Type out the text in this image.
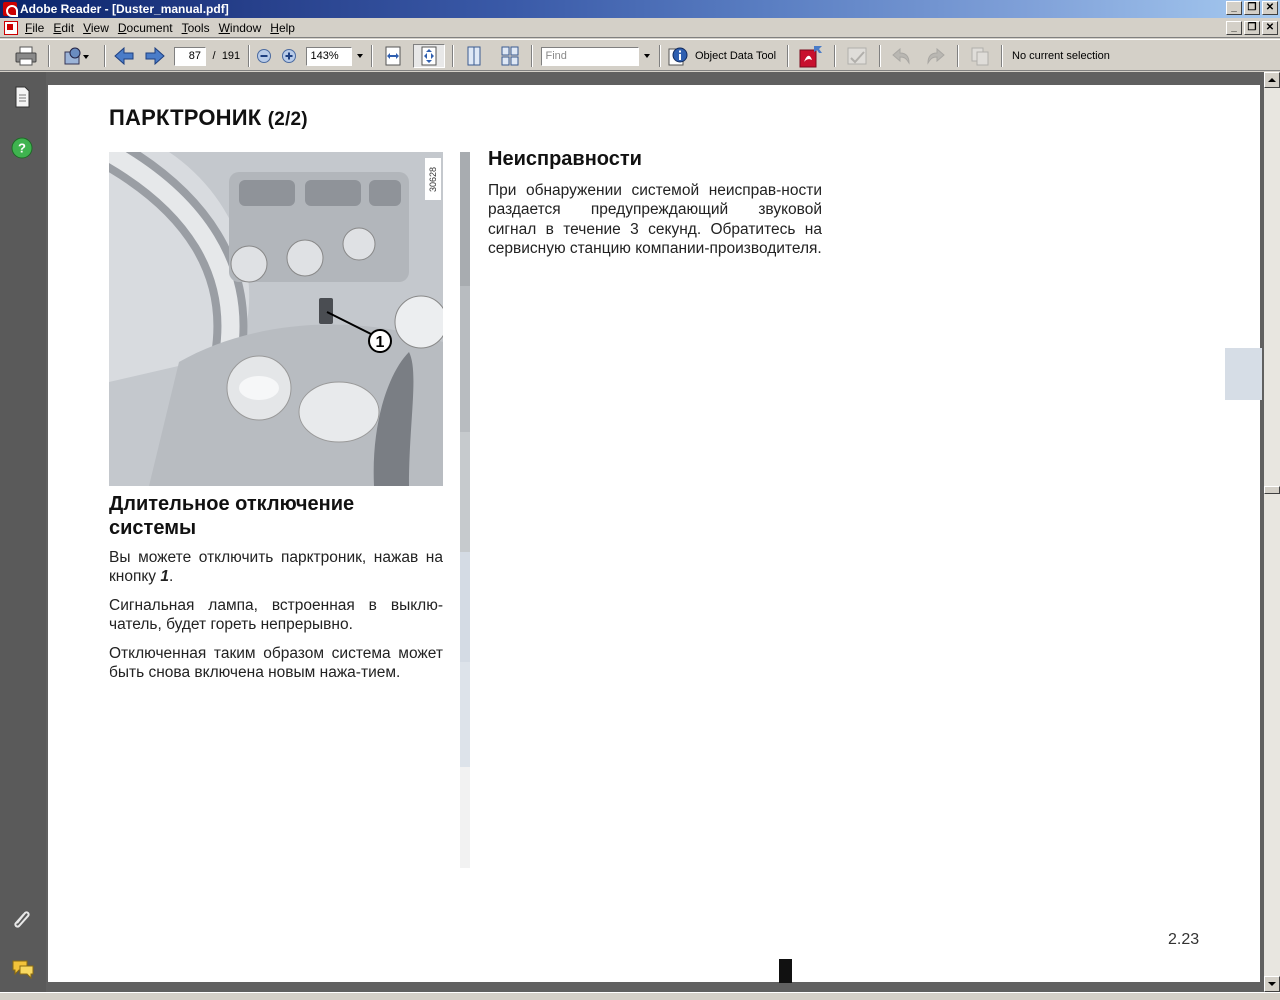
Adobe Reader - [Duster_manual.pdf]	_	❐ ✕
File Edit View Document Tools Window Help	_	❐ ✕
87	/ 191	143%	Find	Object Data Tool	No current selection
?
ПАРКТРОНИК (2/2)
1
30628
Длительное отключение системы
Вы можете отключить парктроник, нажав на кнопку 1.
Сигнальная лампа, встроенная в выклю-чатель, будет гореть непрерывно.
Отключенная таким образом система может быть снова включена новым нажа-тием.
Неисправности
При обнаружении системой неисправ-ности раздается предупреждающий звуковой сигнал в течение 3 секунд. Обратитесь на сервисную станцию компании-производителя.
2.23
